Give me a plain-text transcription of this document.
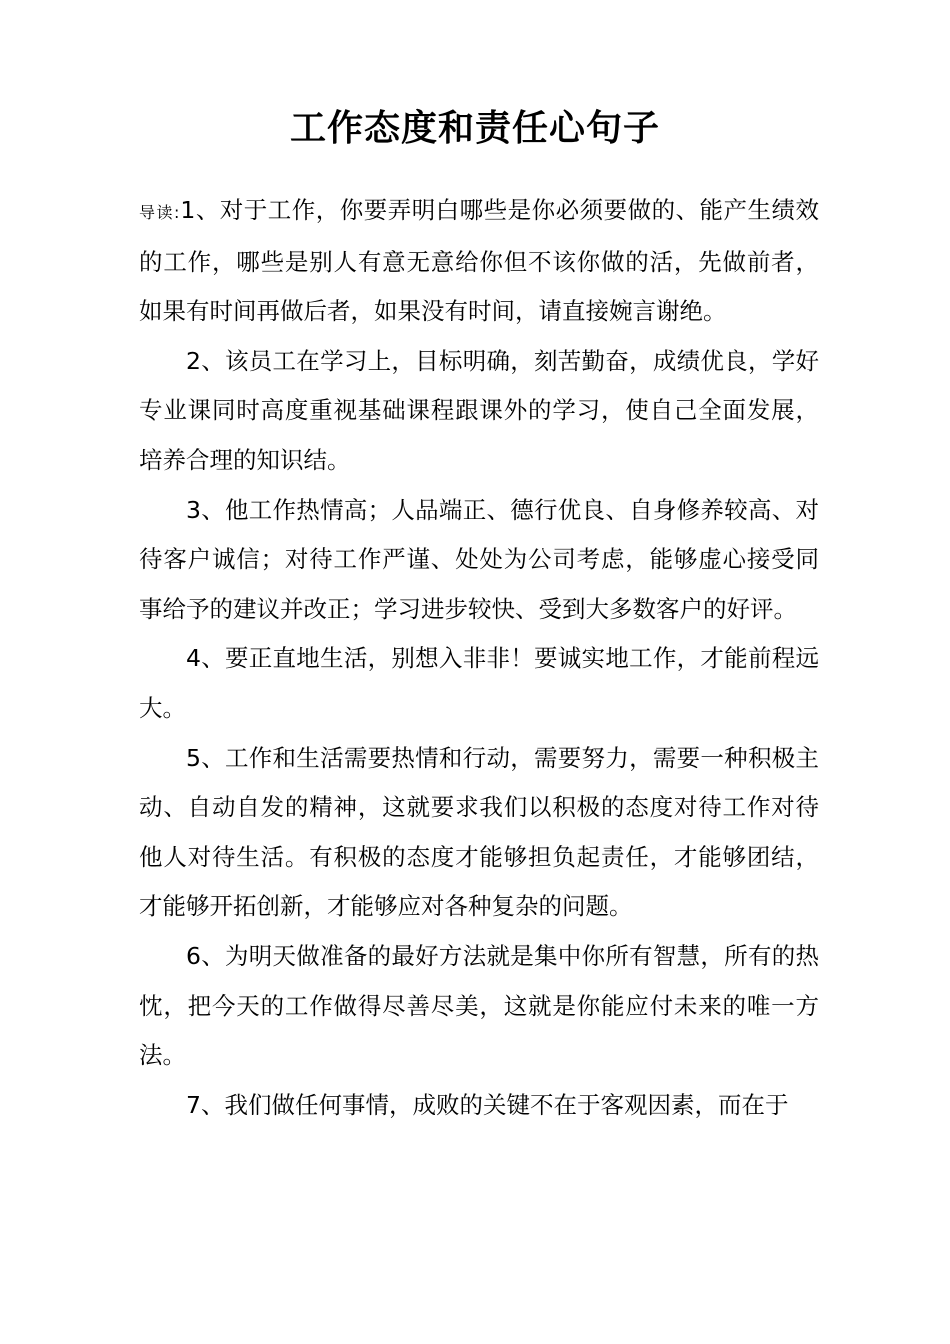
工作态度和责任心句子

导读:1、对于工作，你要弄明白哪些是你必须要做的、能产生绩效的工作，哪些是别人有意无意给你但不该你做的活，先做前者，如果有时间再做后者，如果没有时间，请直接婉言谢绝。

2、该员工在学习上，目标明确，刻苦勤奋，成绩优良，学好专业课同时高度重视基础课程跟课外的学习，使自己全面发展，培养合理的知识结。

3、他工作热情高；人品端正、德行优良、自身修养较高、对待客户诚信；对待工作严谨、处处为公司考虑，能够虚心接受同事给予的建议并改正；学习进步较快、受到大多数客户的好评。

4、要正直地生活，别想入非非！要诚实地工作，才能前程远大。

5、工作和生活需要热情和行动，需要努力，需要一种积极主动、自动自发的精神，这就要求我们以积极的态度对待工作对待他人对待生活。有积极的态度才能够担负起责任，才能够团结，才能够开拓创新，才能够应对各种复杂的问题。

6、为明天做准备的最好方法就是集中你所有智慧，所有的热忱，把今天的工作做得尽善尽美，这就是你能应付未来的唯一方法。

7、我们做任何事情，成败的关键不在于客观因素，而在于
